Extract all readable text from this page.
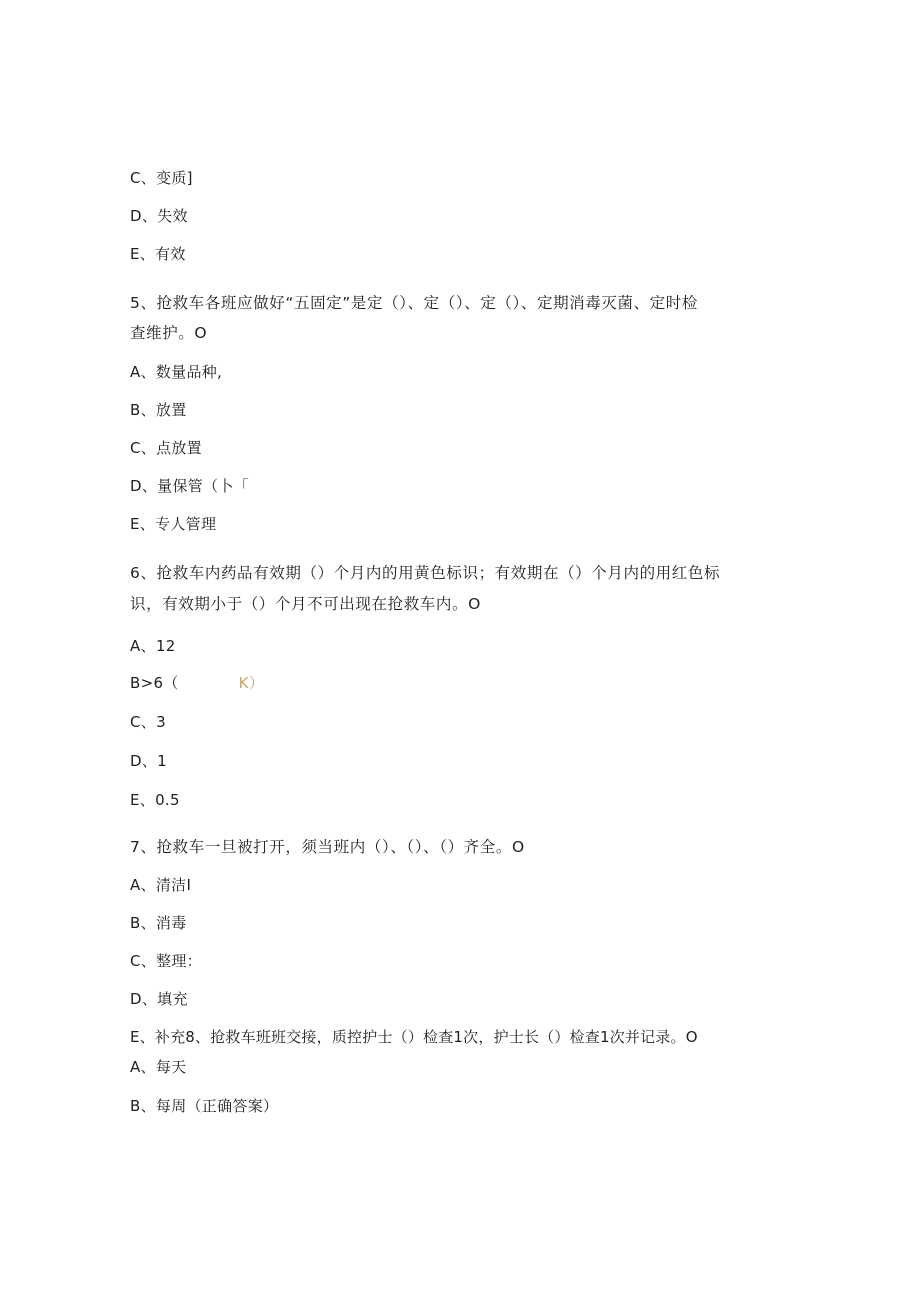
C、变质]
D、失效
E、有效
5、抢救车各班应做好“五固定”是定（）、定（）、定（）、定期消毒灭菌、定时检
查维护。O
A、数量品种,
B、放置
C、点放置
D、量保管（卜「
E、专人管理
6、抢救车内药品有效期（）个月内的用黄色标识；有效期在（）个月内的用红色标
识，有效期小于（）个月不可出现在抢救车内。O
A、12
B>6（	K）
C、3
D、1
E、0.5
7、抢救车一旦被打开，须当班内（）、（）、（）齐全。O
A、清洁I
B、消毒
C、整理：
D、填充
E、补充8、抢救车班班交接，质控护士（）检查1次，护士长（）检查1次并记录。O
A、每天
B、每周（正确答案）
